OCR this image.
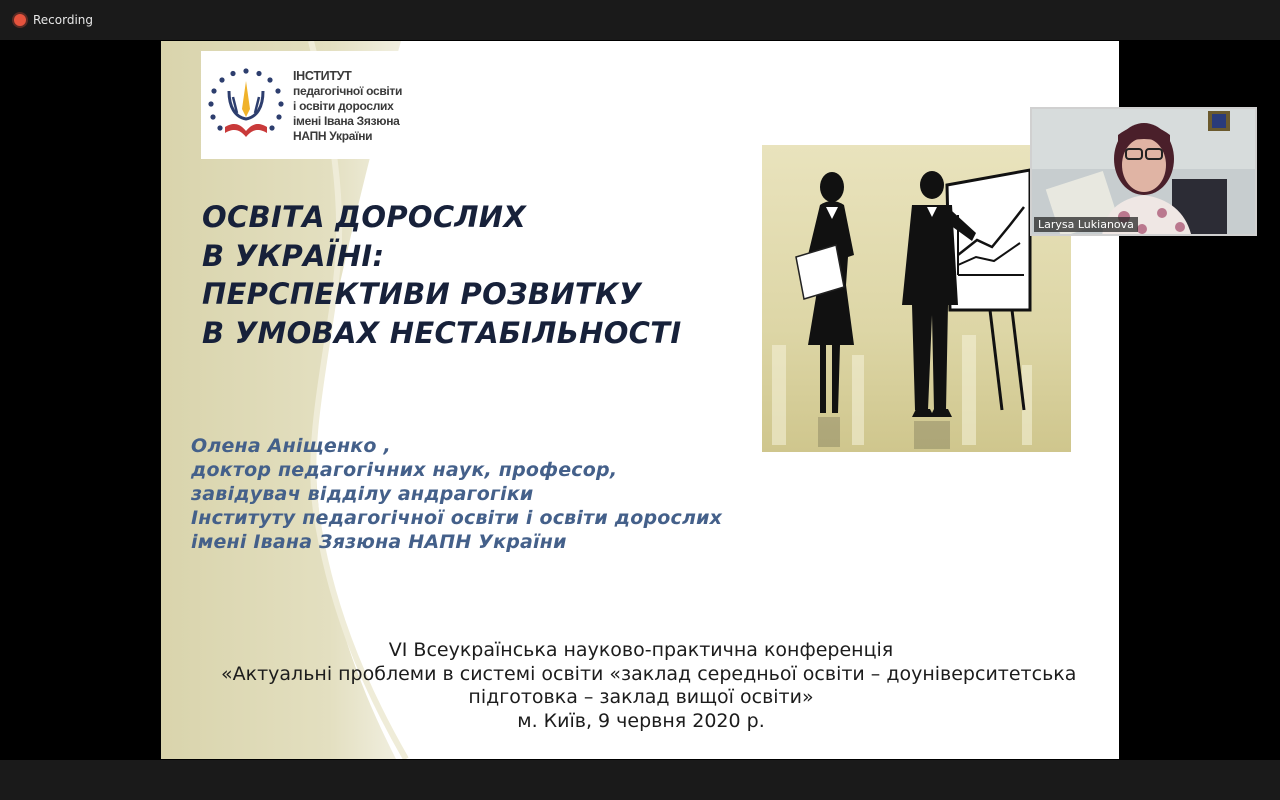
Recording
ІНСТИТУТ
педагогічної освіти
і освіти дорослих
імені Івана Зязюна
НАПН України
ОСВІТА ДОРОСЛИХ
В УКРАЇНІ:
ПЕРСПЕКТИВИ РОЗВИТКУ
В УМОВАХ НЕСТАБІЛЬНОСТІ
Олена Аніщенко ,
доктор педагогічних наук, професор,
завідувач відділу андрагогіки
Інституту педагогічної освіти і освіти дорослих
імені Івана Зязюна НАПН України
VI Всеукраїнська науково-практична конференція
«Актуальні проблеми в системі освіти «заклад середньої освіти – доуніверситетська
підготовка – заклад вищої освіти»
м. Київ, 9 червня 2020 р.
Larysa Lukianova
